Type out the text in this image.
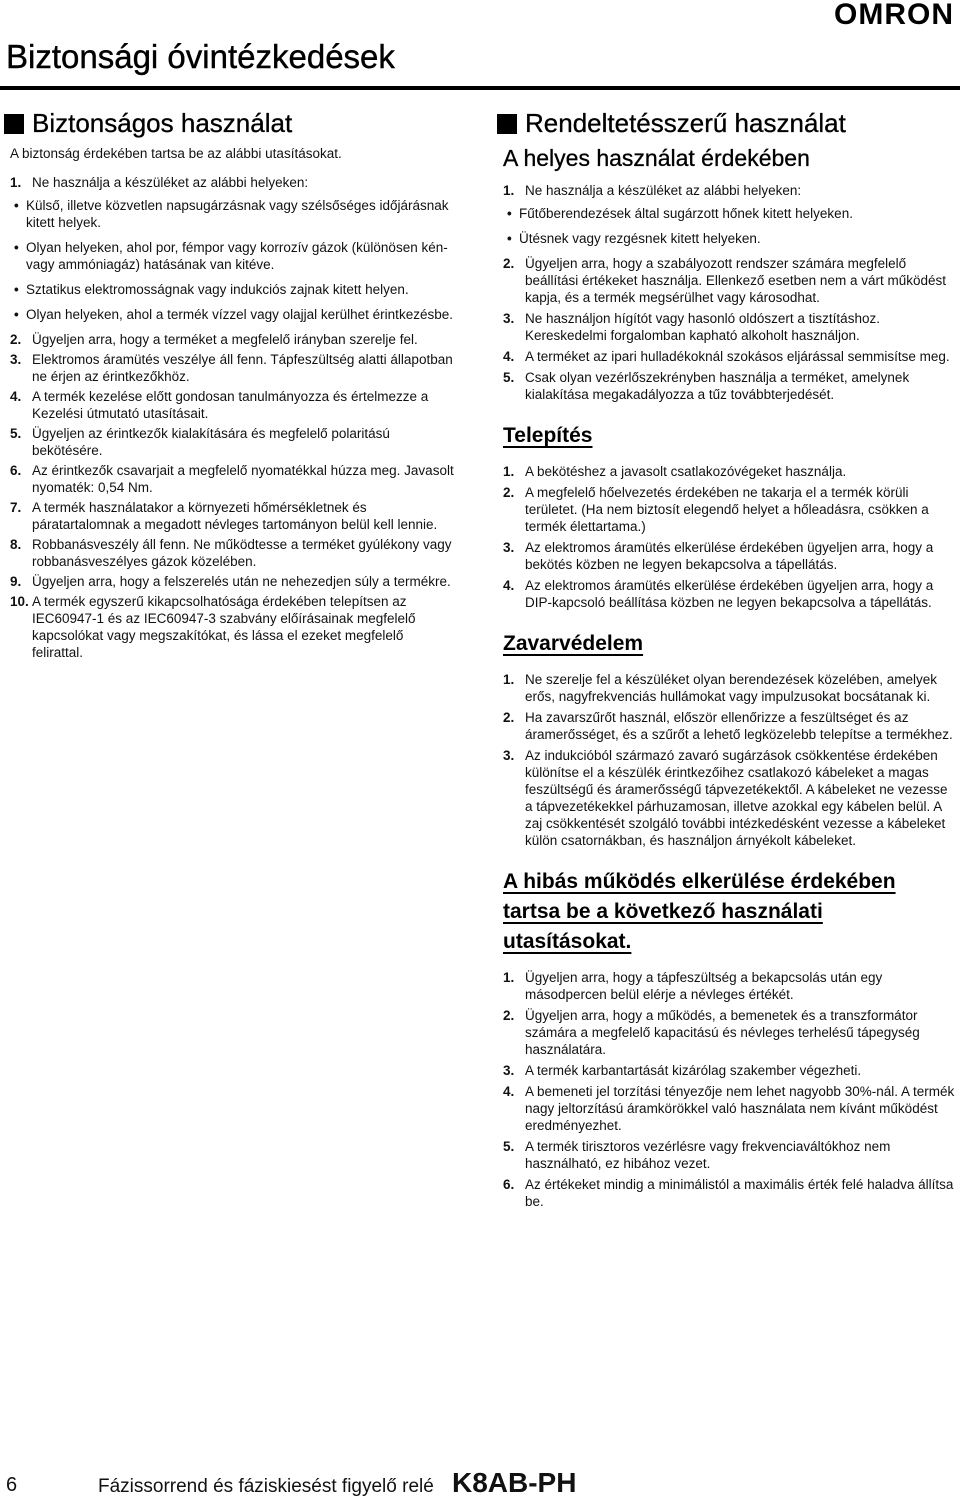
OMRON
Biztonsági óvintézkedések
Biztonságos használat

A biztonság érdekében tartsa be az alábbi utasításokat.

1. Ne használja a készüléket az alábbi helyeken:
• Külső, illetve közvetlen napsugárzásnak vagy szélsőséges időjárásnak kitett helyek.
• Olyan helyeken, ahol por, fémpor vagy korrozív gázok (különösen kén- vagy ammóniagáz) hatásának van kitéve.
• Sztatikus elektromosságnak vagy indukciós zajnak kitett helyen.
• Olyan helyeken, ahol a termék vízzel vagy olajjal kerülhet érintkezésbe.
2. Ügyeljen arra, hogy a terméket a megfelelő irányban szerelje fel.
3. Elektromos áramütés veszélye áll fenn. Tápfeszültség alatti állapotban ne érjen az érintkezőkhöz.
4. A termék kezelése előtt gondosan tanulmányozza és értelmezze a Kezelési útmutató utasításait.
5. Ügyeljen az érintkezők kialakítására és megfelelő polaritású bekötésére.
6. Az érintkezők csavarjait a megfelelő nyomatékkal húzza meg. Javasolt nyomaték: 0,54 Nm.
7. A termék használatakor a környezeti hőmérsékletnek és páratartalomnak a megadott névleges tartományon belül kell lennie.
8. Robbanásveszély áll fenn. Ne működtesse a terméket gyúlékony vagy robbanásveszélyes gázok közelében.
9. Ügyeljen arra, hogy a felszerelés után ne nehezedjen súly a termékre.
10. A termék egyszerű kikapcsolhatósága érdekében telepítsen az IEC60947-1 és az IEC60947-3 szabvány előírásainak megfelelő kapcsolókat vagy megszakítókat, és lássa el ezeket megfelelő felirattal.
Rendeltetésszerű használat
A helyes használat érdekében
1. Ne használja a készüléket az alábbi helyeken:
• Fűtőberendezések által sugárzott hőnek kitett helyeken.
• Ütésnek vagy rezgésnek kitett helyeken.
2. Ügyeljen arra, hogy a szabályozott rendszer számára megfelelő beállítási értékeket használja. Ellenkező esetben nem a várt működést kapja, és a termék megsérülhet vagy károsodhat.
3. Ne használjon hígítót vagy hasonló oldószert a tisztításhoz. Kereskedelmi forgalomban kapható alkoholt használjon.
4. A terméket az ipari hulladékoknál szokásos eljárással semmisítse meg.
5. Csak olyan vezérlőszekrényben használja a terméket, amelynek kialakítása megakadályozza a tűz továbbterjedését.
Telepítés
1. A bekötéshez a javasolt csatlakozóvégeket használja.
2. A megfelelő hőelvezetés érdekében ne takarja el a termék körüli területet. (Ha nem biztosít elegendő helyet a hőleadásra, csökken a termék élettartama.)
3. Az elektromos áramütés elkerülése érdekében ügyeljen arra, hogy a bekötés közben ne legyen bekapcsolva a tápellátás.
4. Az elektromos áramütés elkerülése érdekében ügyeljen arra, hogy a DIP-kapcsoló beállítása közben ne legyen bekapcsolva a tápellátás.
Zavarvédelem
1. Ne szerelje fel a készüléket olyan berendezések közelében, amelyek erős, nagyfrekvenciás hullámokat vagy impulzusokat bocsátanak ki.
2. Ha zavarszűrőt használ, először ellenőrizze a feszültséget és az áramerősséget, és a szűrőt a lehető legközelebb telepítse a termékhez.
3. Az indukcióból származó zavaró sugárzások csökkentése érdekében különítse el a készülék érintkezőihez csatlakozó kábeleket a magas feszültségű és áramerősségű tápvezetékektől. A kábeleket ne vezesse a tápvezetékekkel párhuzamosan, illetve azokkal egy kábelen belül. A zaj csökkentését szolgáló további intézkedésként vezesse a kábeleket külön csatornákban, és használjon árnyékolt kábeleket.
A hibás működés elkerülése érdekében
tartsa be a következő használati
utasításokat.
1. Ügyeljen arra, hogy a tápfeszültség a bekapcsolás után egy másodpercen belül elérje a névleges értékét.
2. Ügyeljen arra, hogy a működés, a bemenetek és a transzformátor számára a megfelelő kapacitású és névleges terhelésű tápegység használatára.
3. A termék karbantartását kizárólag szakember végezheti.
4. A bemeneti jel torzítási tényezője nem lehet nagyobb 30%-nál. A termék nagy jeltorzítású áramkörökkel való használata nem kívánt működést eredményezhet.
5. A termék tirisztoros vezérlésre vagy frekvenciaváltókhoz nem használható, ez hibához vezet.
6. Az értékeket mindig a minimálistól a maximális érték felé haladva állítsa be.
6	Fázissorrend és fáziskiesést figyelő relé K8AB-PH
